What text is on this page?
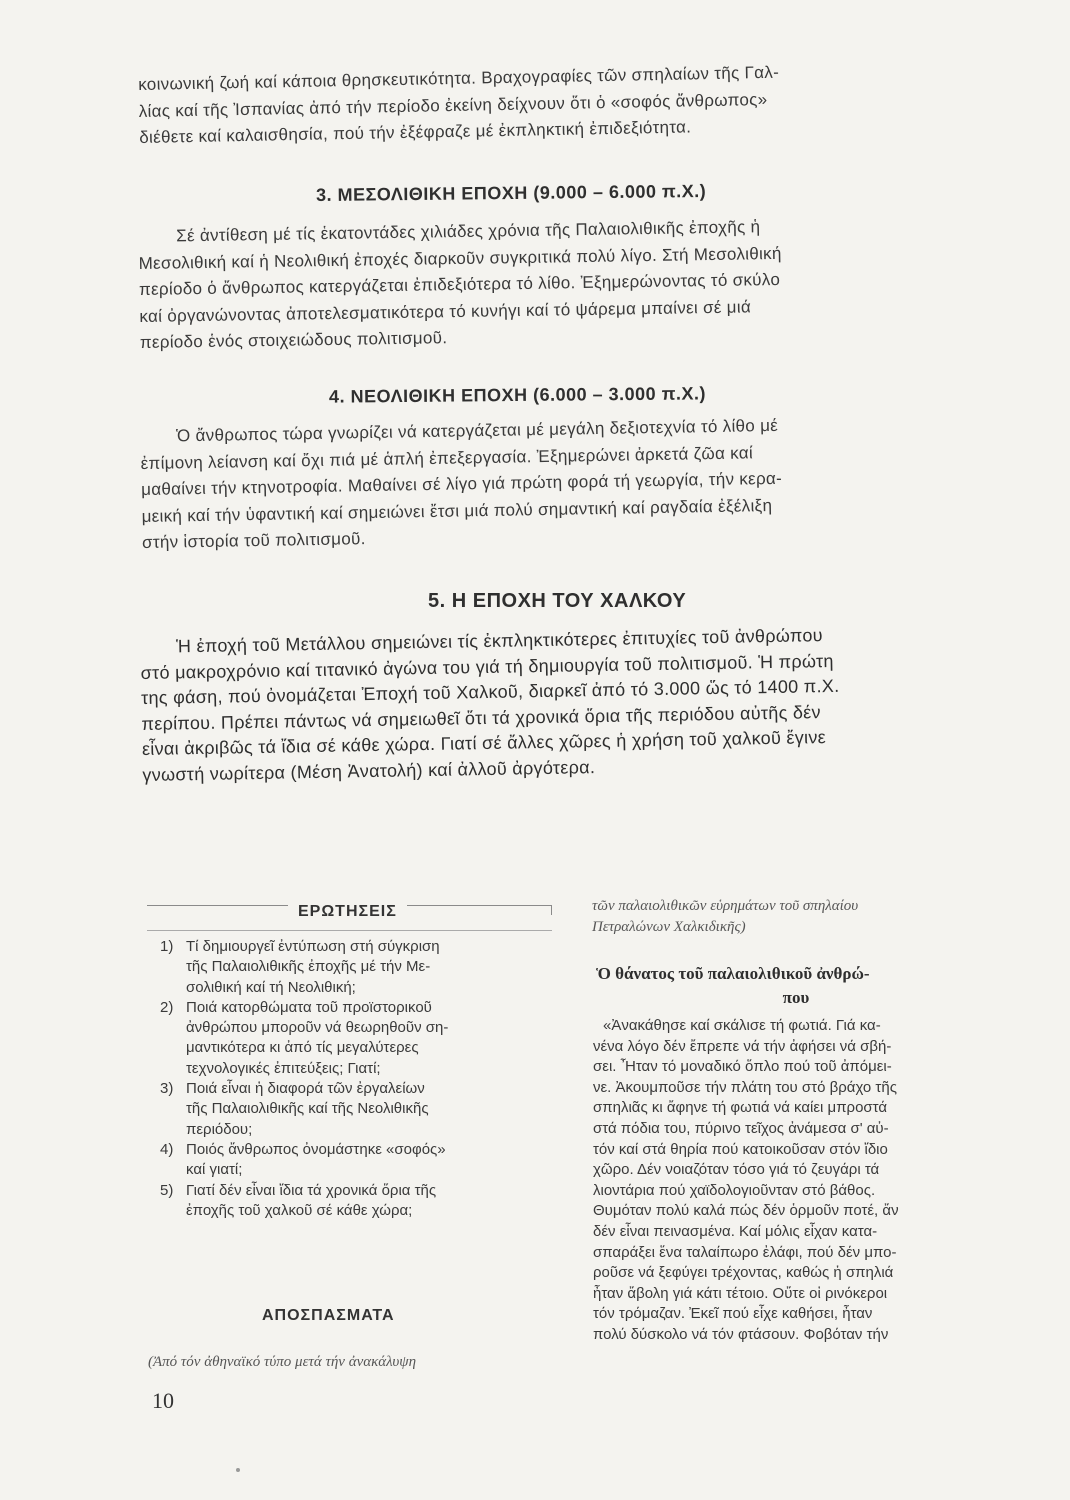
κοινωνική ζωή καί κάποια θρησκευτικότητα. Βραχογραφίες τῶν σπηλαίων τῆς Γαλ-
λίας καί τῆς Ἰσπανίας ἀπό τήν περίοδο ἐκείνη δείχνουν ὅτι ὁ «σοφός ἄνθρωπος»
διέθετε καί καλαισθησία, πού τήν ἐξέφραζε μέ ἐκπληκτική ἐπιδεξιότητα.

3. ΜΕΣΟΛΙΘΙΚΗ ΕΠΟΧΗ (9.000 – 6.000 π.Χ.)

Σέ ἀντίθεση μέ τίς ἑκατοντάδες χιλιάδες χρόνια τῆς Παλαιολιθικῆς ἐποχῆς ἡ
Μεσολιθική καί ἡ Νεολιθική ἐποχές διαρκοῦν συγκριτικά πολύ λίγο. Στή Μεσολιθική
περίοδο ὁ ἄνθρωπος κατεργάζεται ἐπιδεξιότερα τό λίθο. Ἐξημερώνοντας τό σκύλο
καί ὀργανώνοντας ἀποτελεσματικότερα τό κυνήγι καί τό ψάρεμα μπαίνει σέ μιά
περίοδο ἑνός στοιχειώδους πολιτισμοῦ.

4. ΝΕΟΛΙΘΙΚΗ ΕΠΟΧΗ (6.000 – 3.000 π.Χ.)

Ὁ ἄνθρωπος τώρα γνωρίζει νά κατεργάζεται μέ μεγάλη δεξιοτεχνία τό λίθο μέ
ἐπίμονη λείανση καί ὄχι πιά μέ ἁπλή ἐπεξεργασία. Ἐξημερώνει ἀρκετά ζῶα καί
μαθαίνει τήν κτηνοτροφία. Μαθαίνει σέ λίγο γιά πρώτη φορά τή γεωργία, τήν κερα-
μεική καί τήν ὑφαντική καί σημειώνει ἔτσι μιά πολύ σημαντική καί ραγδαία ἐξέλιξη
στήν ἱστορία τοῦ πολιτισμοῦ.

5. Η ΕΠΟΧΗ ΤΟΥ ΧΑΛΚΟΥ

Ἡ ἐποχή τοῦ Μετάλλου σημειώνει τίς ἐκπληκτικότερες ἐπιτυχίες τοῦ ἀνθρώπου
στό μακροχρόνιο καί τιτανικό ἀγώνα του γιά τή δημιουργία τοῦ πολιτισμοῦ. Ἡ πρώτη
της φάση, πού ὀνομάζεται Ἐποχή τοῦ Χαλκοῦ, διαρκεῖ ἀπό τό 3.000 ὥς τό 1400 π.Χ.
περίπου. Πρέπει πάντως νά σημειωθεῖ ὅτι τά χρονικά ὅρια τῆς περιόδου αὐτῆς δέν
εἶναι ἀκριβῶς τά ἴδια σέ κάθε χώρα. Γιατί σέ ἄλλες χῶρες ἡ χρήση τοῦ χαλκοῦ ἔγινε
γνωστή νωρίτερα (Μέση Ἀνατολή) καί ἀλλοῦ ἀργότερα.

ΕΡΩΤΗΣΕΙΣ
1) Τί δημιουργεῖ ἐντύπωση στή σύγκριση
τῆς Παλαιολιθικῆς ἐποχῆς μέ τήν Με-
σολιθική καί τή Νεολιθική;
2) Ποιά κατορθώματα τοῦ προϊστορικοῦ
ἀνθρώπου μποροῦν νά θεωρηθοῦν ση-
μαντικότερα κι ἀπό τίς μεγαλύτερες
τεχνολογικές ἐπιτεύξεις; Γιατί;
3) Ποιά εἶναι ἡ διαφορά τῶν ἐργαλείων
τῆς Παλαιολιθικῆς καί τῆς Νεολιθικῆς
περιόδου;
4) Ποιός ἄνθρωπος ὀνομάστηκε «σοφός»
καί γιατί;
5) Γιατί δέν εἶναι ἴδια τά χρονικά ὅρια τῆς
ἐποχῆς τοῦ χαλκοῦ σέ κάθε χώρα;
ΑΠΟΣΠΑΣΜΑΤΑ
(Ἀπό τόν ἀθηναϊκό τύπο μετά τήν ἀνακάλυψη
τῶν παλαιολιθικῶν εὑρημάτων τοῦ σπηλαίου
Πετραλώνων Χαλκιδικῆς)
Ὁ θάνατος τοῦ παλαιολιθικοῦ ἀνθρώ-
που
«Ἀνακάθησε καί σκάλισε τή φωτιά. Γιά κα-
νένα λόγο δέν ἔπρεπε νά τήν ἀφήσει νά σβή-
σει. Ἦταν τό μοναδικό ὅπλο πού τοῦ ἀπόμει-
νε. Ἀκουμποῦσε τήν πλάτη του στό βράχο τῆς
σπηλιᾶς κι ἄφηνε τή φωτιά νά καίει μπροστά
στά πόδια του, πύρινο τεῖχος ἀνάμεσα σ' αὐ-
τόν καί στά θηρία πού κατοικοῦσαν στόν ἴδιο
χῶρο. Δέν νοιαζόταν τόσο γιά τό ζευγάρι τά
λιοντάρια πού χαϊδολογιοῦνταν στό βάθος.
Θυμόταν πολύ καλά πώς δέν ὁρμοῦν ποτέ, ἄν
δέν εἶναι πεινασμένα. Καί μόλις εἶχαν κατα-
σπαράξει ἕνα ταλαίπωρο ἐλάφι, πού δέν μπο-
ροῦσε νά ξεφύγει τρέχοντας, καθώς ἡ σπηλιά
ἦταν ἄβολη γιά κάτι τέτοιο. Οὔτε οἱ ρινόκεροι
τόν τρόμαζαν. Ἐκεῖ πού εἶχε καθήσει, ἦταν
πολύ δύσκολο νά τόν φτάσουν. Φοβόταν τήν
10
